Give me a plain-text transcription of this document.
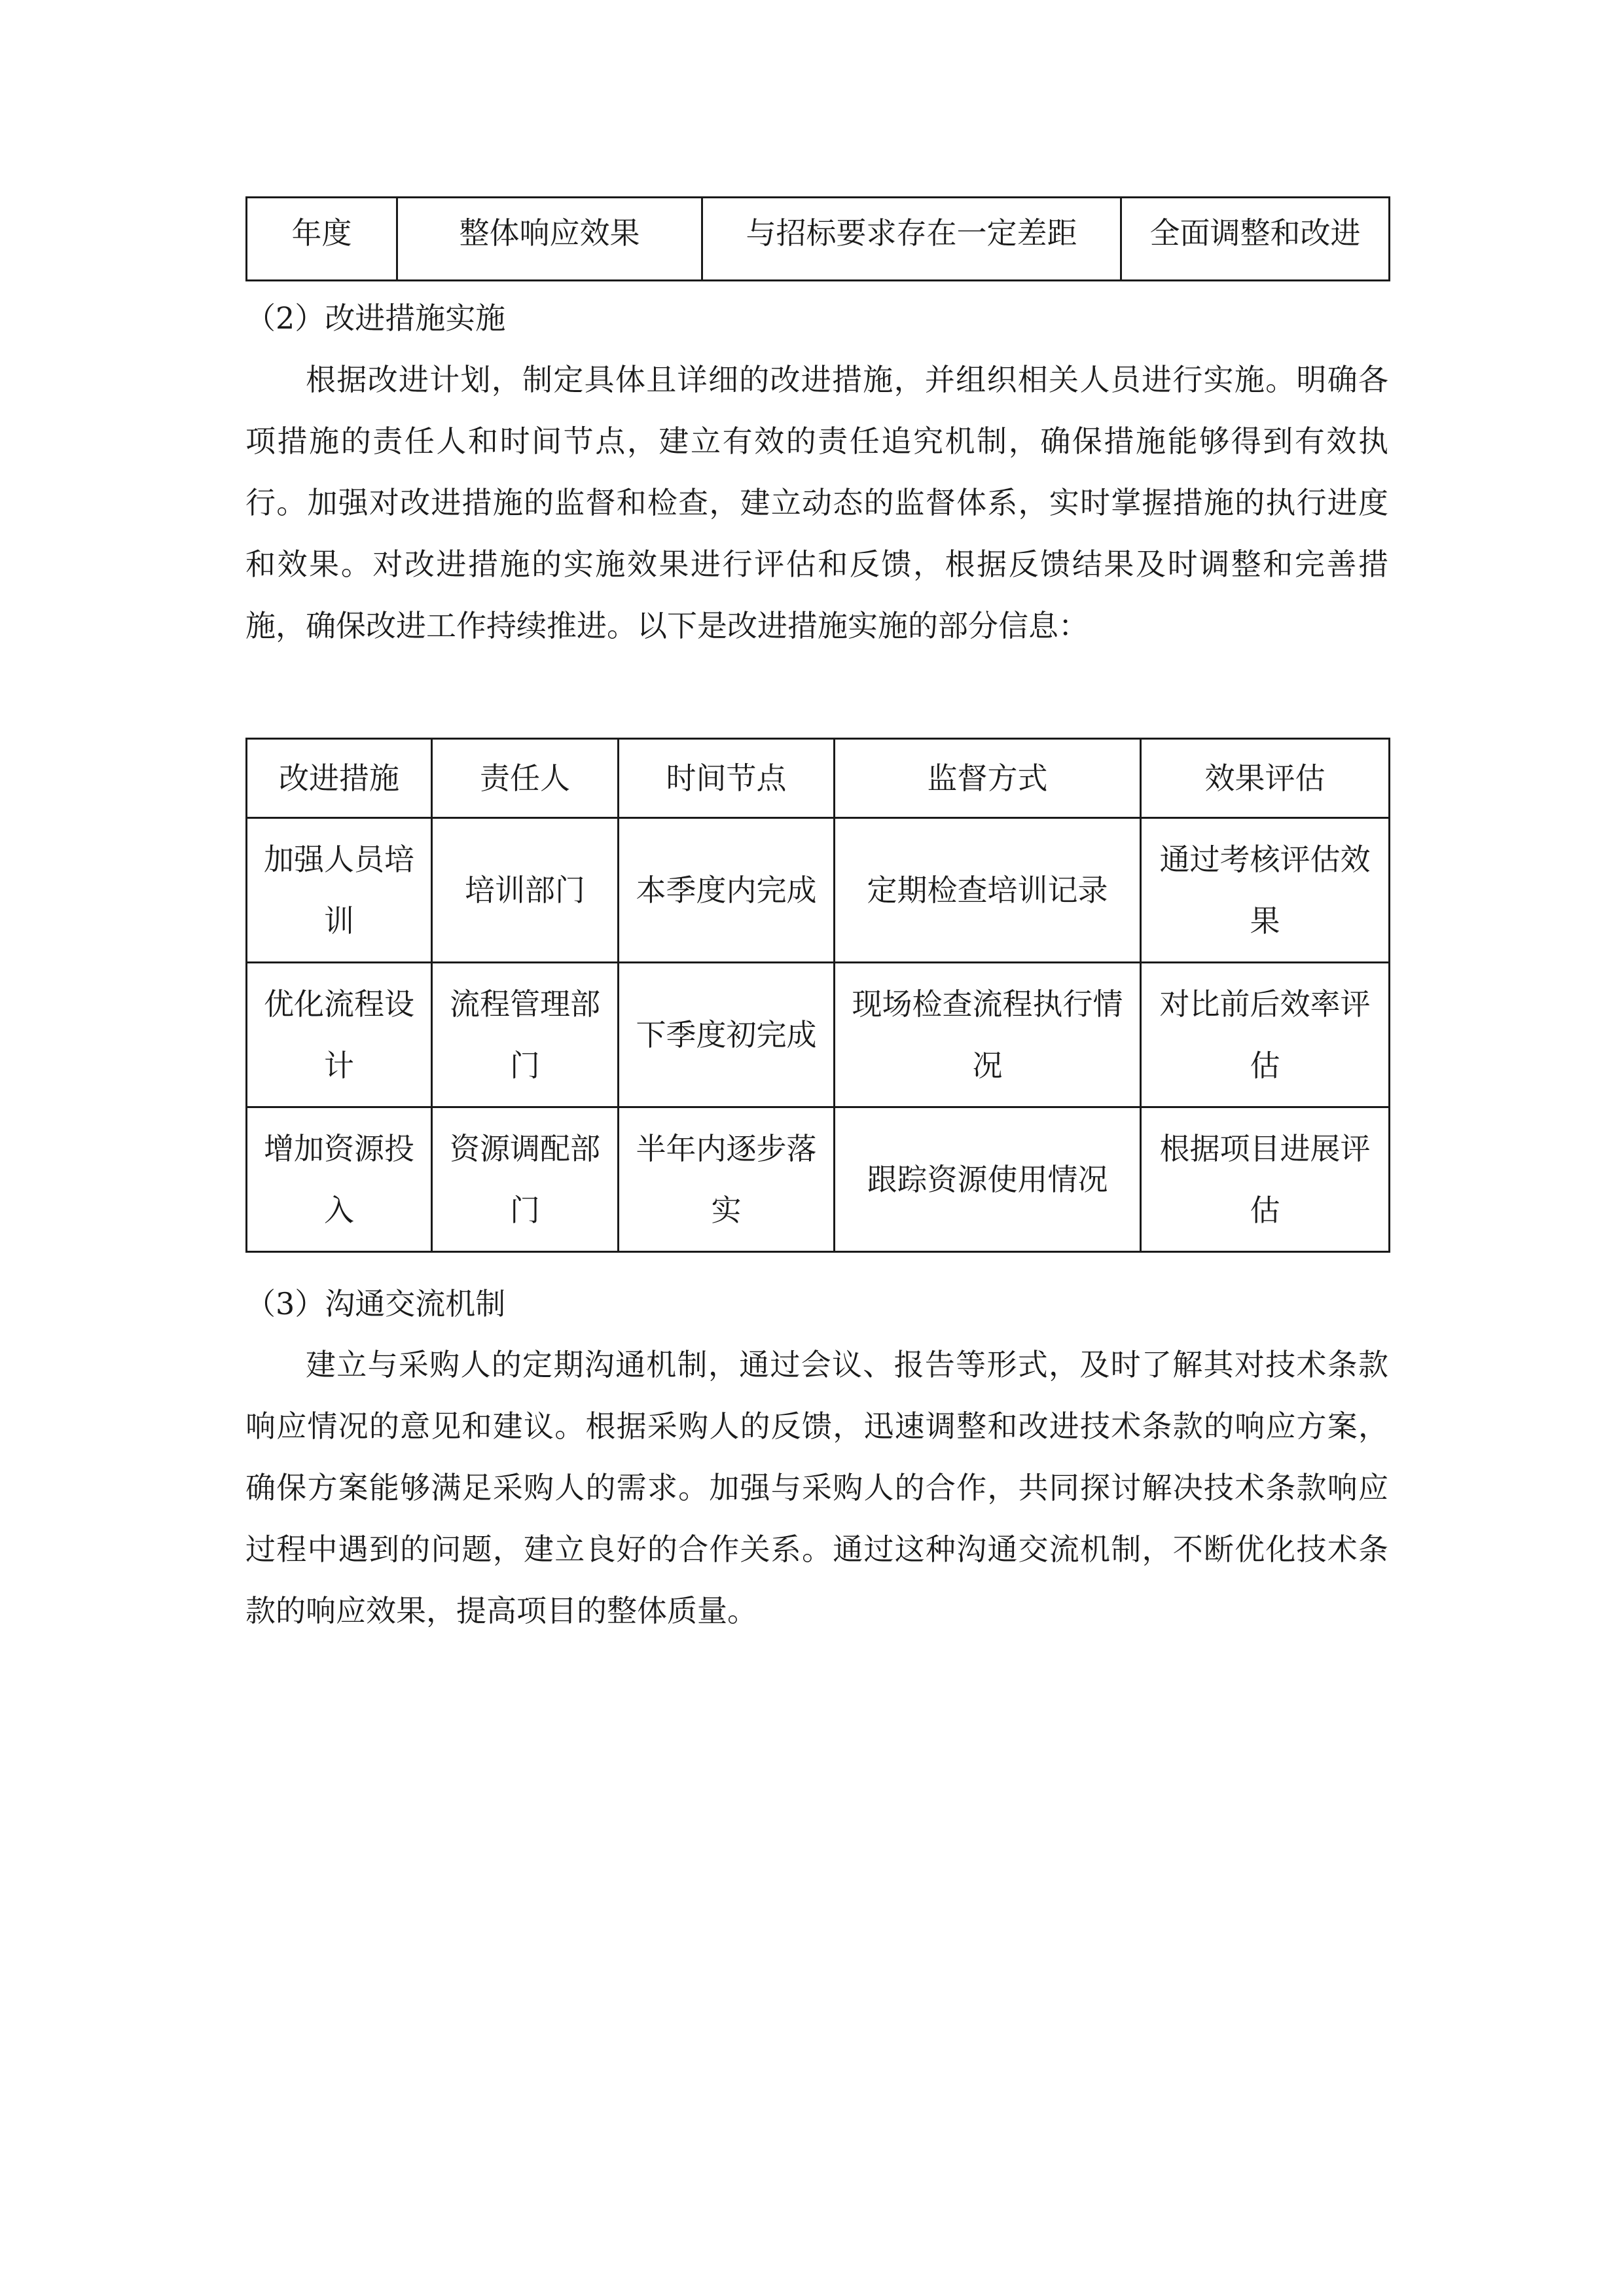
年度	整体响应效果	与招标要求存在一定差距	全面调整和改进
（2）改进措施实施

根据改进计划，制定具体且详细的改进措施，并组织相关人员进行实施。明确各项措施的责任人和时间节点，建立有效的责任追究机制，确保措施能够得到有效执行。加强对改进措施的监督和检查，建立动态的监督体系，实时掌握措施的执行进度和效果。对改进措施的实施效果进行评估和反馈，根据反馈结果及时调整和完善措施，确保改进工作持续推进。以下是改进措施实施的部分信息：

改进措施	责任人	时间节点	监督方式	效果评估

加强人员培训	培训部门	本季度内完成	定期检查培训记录	通过考核评估效果

优化流程设计	流程管理部门	下季度初完成	现场检查流程执行情况	对比前后效率评估

增加资源投入	资源调配部门	半年内逐步落实	跟踪资源使用情况	根据项目进展评估
（3）沟通交流机制

建立与采购人的定期沟通机制，通过会议、报告等形式，及时了解其对技术条款响应情况的意见和建议。根据采购人的反馈，迅速调整和改进技术条款的响应方案，确保方案能够满足采购人的需求。加强与采购人的合作，共同探讨解决技术条款响应过程中遇到的问题，建立良好的合作关系。通过这种沟通交流机制，不断优化技术条款的响应效果，提高项目的整体质量。
